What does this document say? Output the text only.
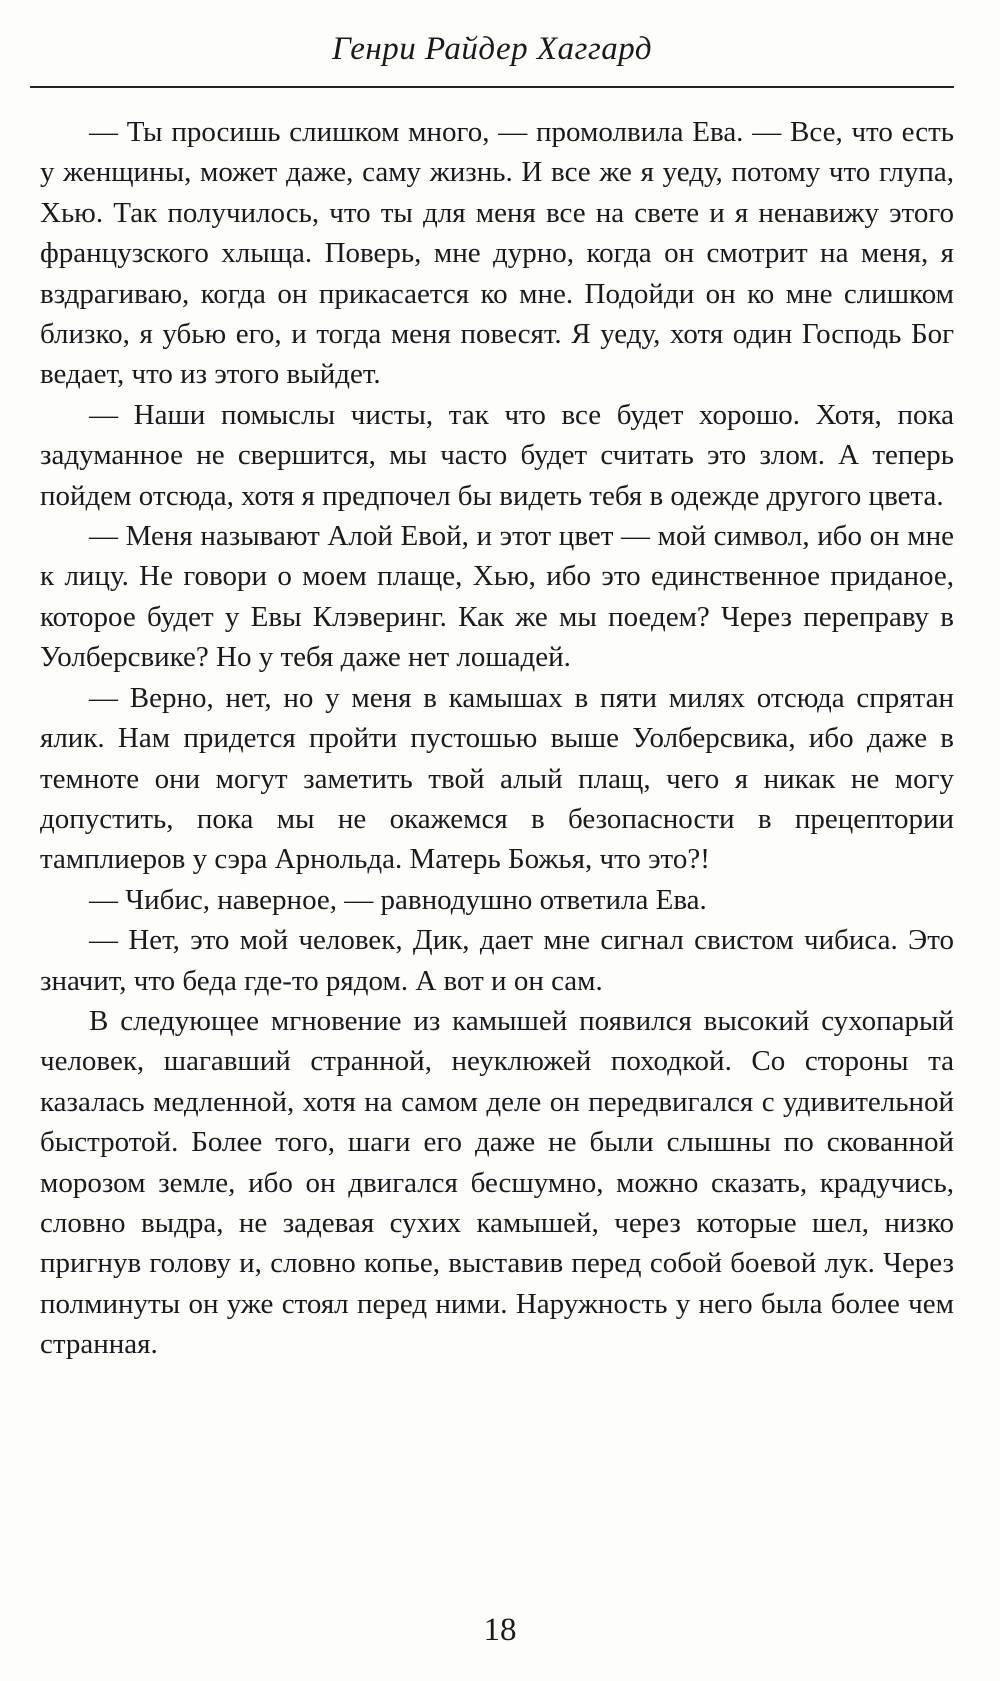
Генри Райдер Хаггард

— Ты просишь слишком много, — промолвила Ева. — Все, что есть у женщины, может даже, саму жизнь. И все же я уеду, потому что глупа, Хью. Так получилось, что ты для меня все на свете и я ненавижу этого французского хлыща. Поверь, мне дурно, когда он смотрит на меня, я вздрагиваю, когда он прикасается ко мне. Подойди он ко мне слишком близко, я убью его, и тогда меня повесят. Я уеду, хотя один Господь Бог ведает, что из этого выйдет.

— Наши помыслы чисты, так что все будет хорошо. Хотя, пока задуманное не свершится, мы часто будет считать это злом. А теперь пойдем отсюда, хотя я предпочел бы видеть тебя в одежде другого цвета.

— Меня называют Алой Евой, и этот цвет — мой символ, ибо он мне к лицу. Не говори о моем плаще, Хью, ибо это единственное приданое, которое будет у Евы Клэверинг. Как же мы поедем? Через переправу в Уолберсвике? Но у тебя даже нет лошадей.

— Верно, нет, но у меня в камышах в пяти милях отсюда спрятан ялик. Нам придется пройти пустошью выше Уолберсвика, ибо даже в темноте они могут заметить твой алый плащ, чего я никак не могу допустить, пока мы не окажемся в безопасности в прецептории тамплиеров у сэра Арнольда. Матерь Божья, что это?!

— Чибис, наверное, — равнодушно ответила Ева.

— Нет, это мой человек, Дик, дает мне сигнал свистом чибиса. Это значит, что беда где-то рядом. А вот и он сам.

В следующее мгновение из камышей появился высокий сухопарый человек, шагавший странной, неуклюжей походкой. Со стороны та казалась медленной, хотя на самом деле он передвигался с удивительной быстротой. Более того, шаги его даже не были слышны по скованной морозом земле, ибо он двигался бесшумно, можно сказать, крадучись, словно выдра, не задевая сухих камышей, через которые шел, низко пригнув голову и, словно копье, выставив перед собой боевой лук. Через полминуты он уже стоял перед ними. Наружность у него была более чем странная.

18
